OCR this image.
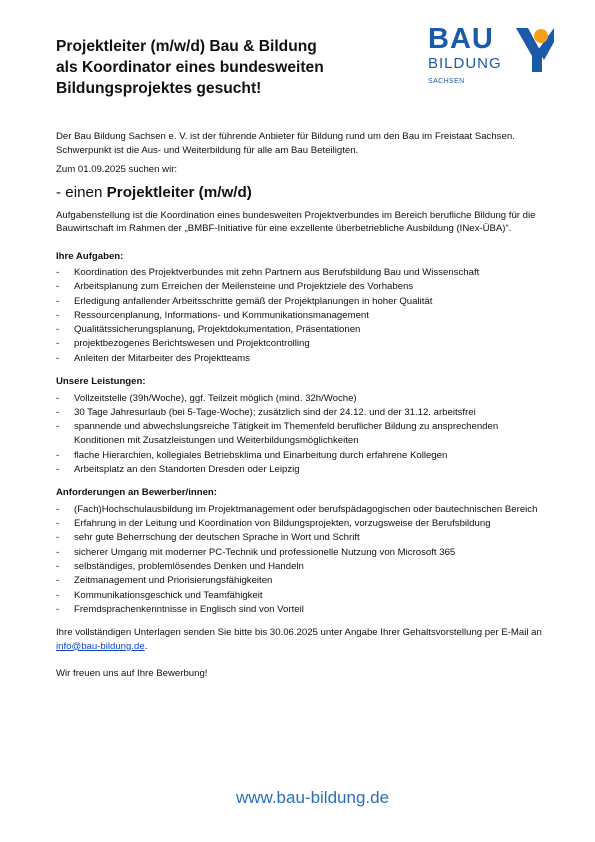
Projektleiter (m/w/d) Bau & Bildung
als Koordinator eines bundesweiten
Bildungsprojektes gesucht!
BAU
BILDUNG
SACHSEN

Der Bau Bildung Sachsen e. V. ist der führende Anbieter für Bildung rund um den Bau im Freistaat Sachsen. Schwerpunkt ist die Aus- und Weiterbildung für alle am Bau Beteiligten.

Zum 01.09.2025 suchen wir:

- einen Projektleiter (m/w/d)

Aufgabenstellung ist die Koordination eines bundesweiten Projektverbundes im Bereich berufliche Bildung für die Bauwirtschaft im Rahmen der „BMBF-Initiative für eine exzellente überbetriebliche Ausbildung (INex-ÜBA)“.

Ihre Aufgaben:
- Koordination des Projektverbundes mit zehn Partnern aus Berufsbildung Bau und Wissenschaft
- Arbeitsplanung zum Erreichen der Meilensteine und Projektziele des Vorhabens
- Erledigung anfallender Arbeitsschritte gemäß der Projektplanungen in hoher Qualität
- Ressourcenplanung, Informations- und Kommunikationsmanagement
- Qualitätssicherungsplanung, Projektdokumentation, Präsentationen
- projektbezogenes Berichtswesen und Projektcontrolling
- Anleiten der Mitarbeiter des Projektteams
Unsere Leistungen:
- Vollzeitstelle (39h/Woche), ggf. Teilzeit möglich (mind. 32h/Woche)
- 30 Tage Jahresurlaub (bei 5-Tage-Woche); zusätzlich sind der 24.12. und der 31.12. arbeitsfrei
- spannende und abwechslungsreiche Tätigkeit im Themenfeld beruflicher Bildung zu ansprechenden Konditionen mit Zusatzleistungen und Weiterbildungsmöglichkeiten
- flache Hierarchien, kollegiales Betriebsklima und Einarbeitung durch erfahrene Kollegen
- Arbeitsplatz an den Standorten Dresden oder Leipzig
Anforderungen an Bewerber/innen:
- (Fach)Hochschulausbildung im Projektmanagement oder berufspädagogischen oder bautechnischen Bereich
- Erfahrung in der Leitung und Koordination von Bildungsprojekten, vorzugsweise der Berufsbildung
- sehr gute Beherrschung der deutschen Sprache in Wort und Schrift
- sicherer Umgang mit moderner PC-Technik und professionelle Nutzung von Microsoft 365
- selbständiges, problemlösendes Denken und Handeln
- Zeitmanagement und Priorisierungsfähigkeiten
- Kommunikationsgeschick und Teamfähigkeit
- Fremdsprachenkenntnisse in Englisch sind von Vorteil

Ihre vollständigen Unterlagen senden Sie bitte bis 30.06.2025 unter Angabe Ihrer Gehaltsvorstellung per E-Mail an info@bau-bildung.de.

Wir freuen uns auf Ihre Bewerbung!

www.bau-bildung.de
